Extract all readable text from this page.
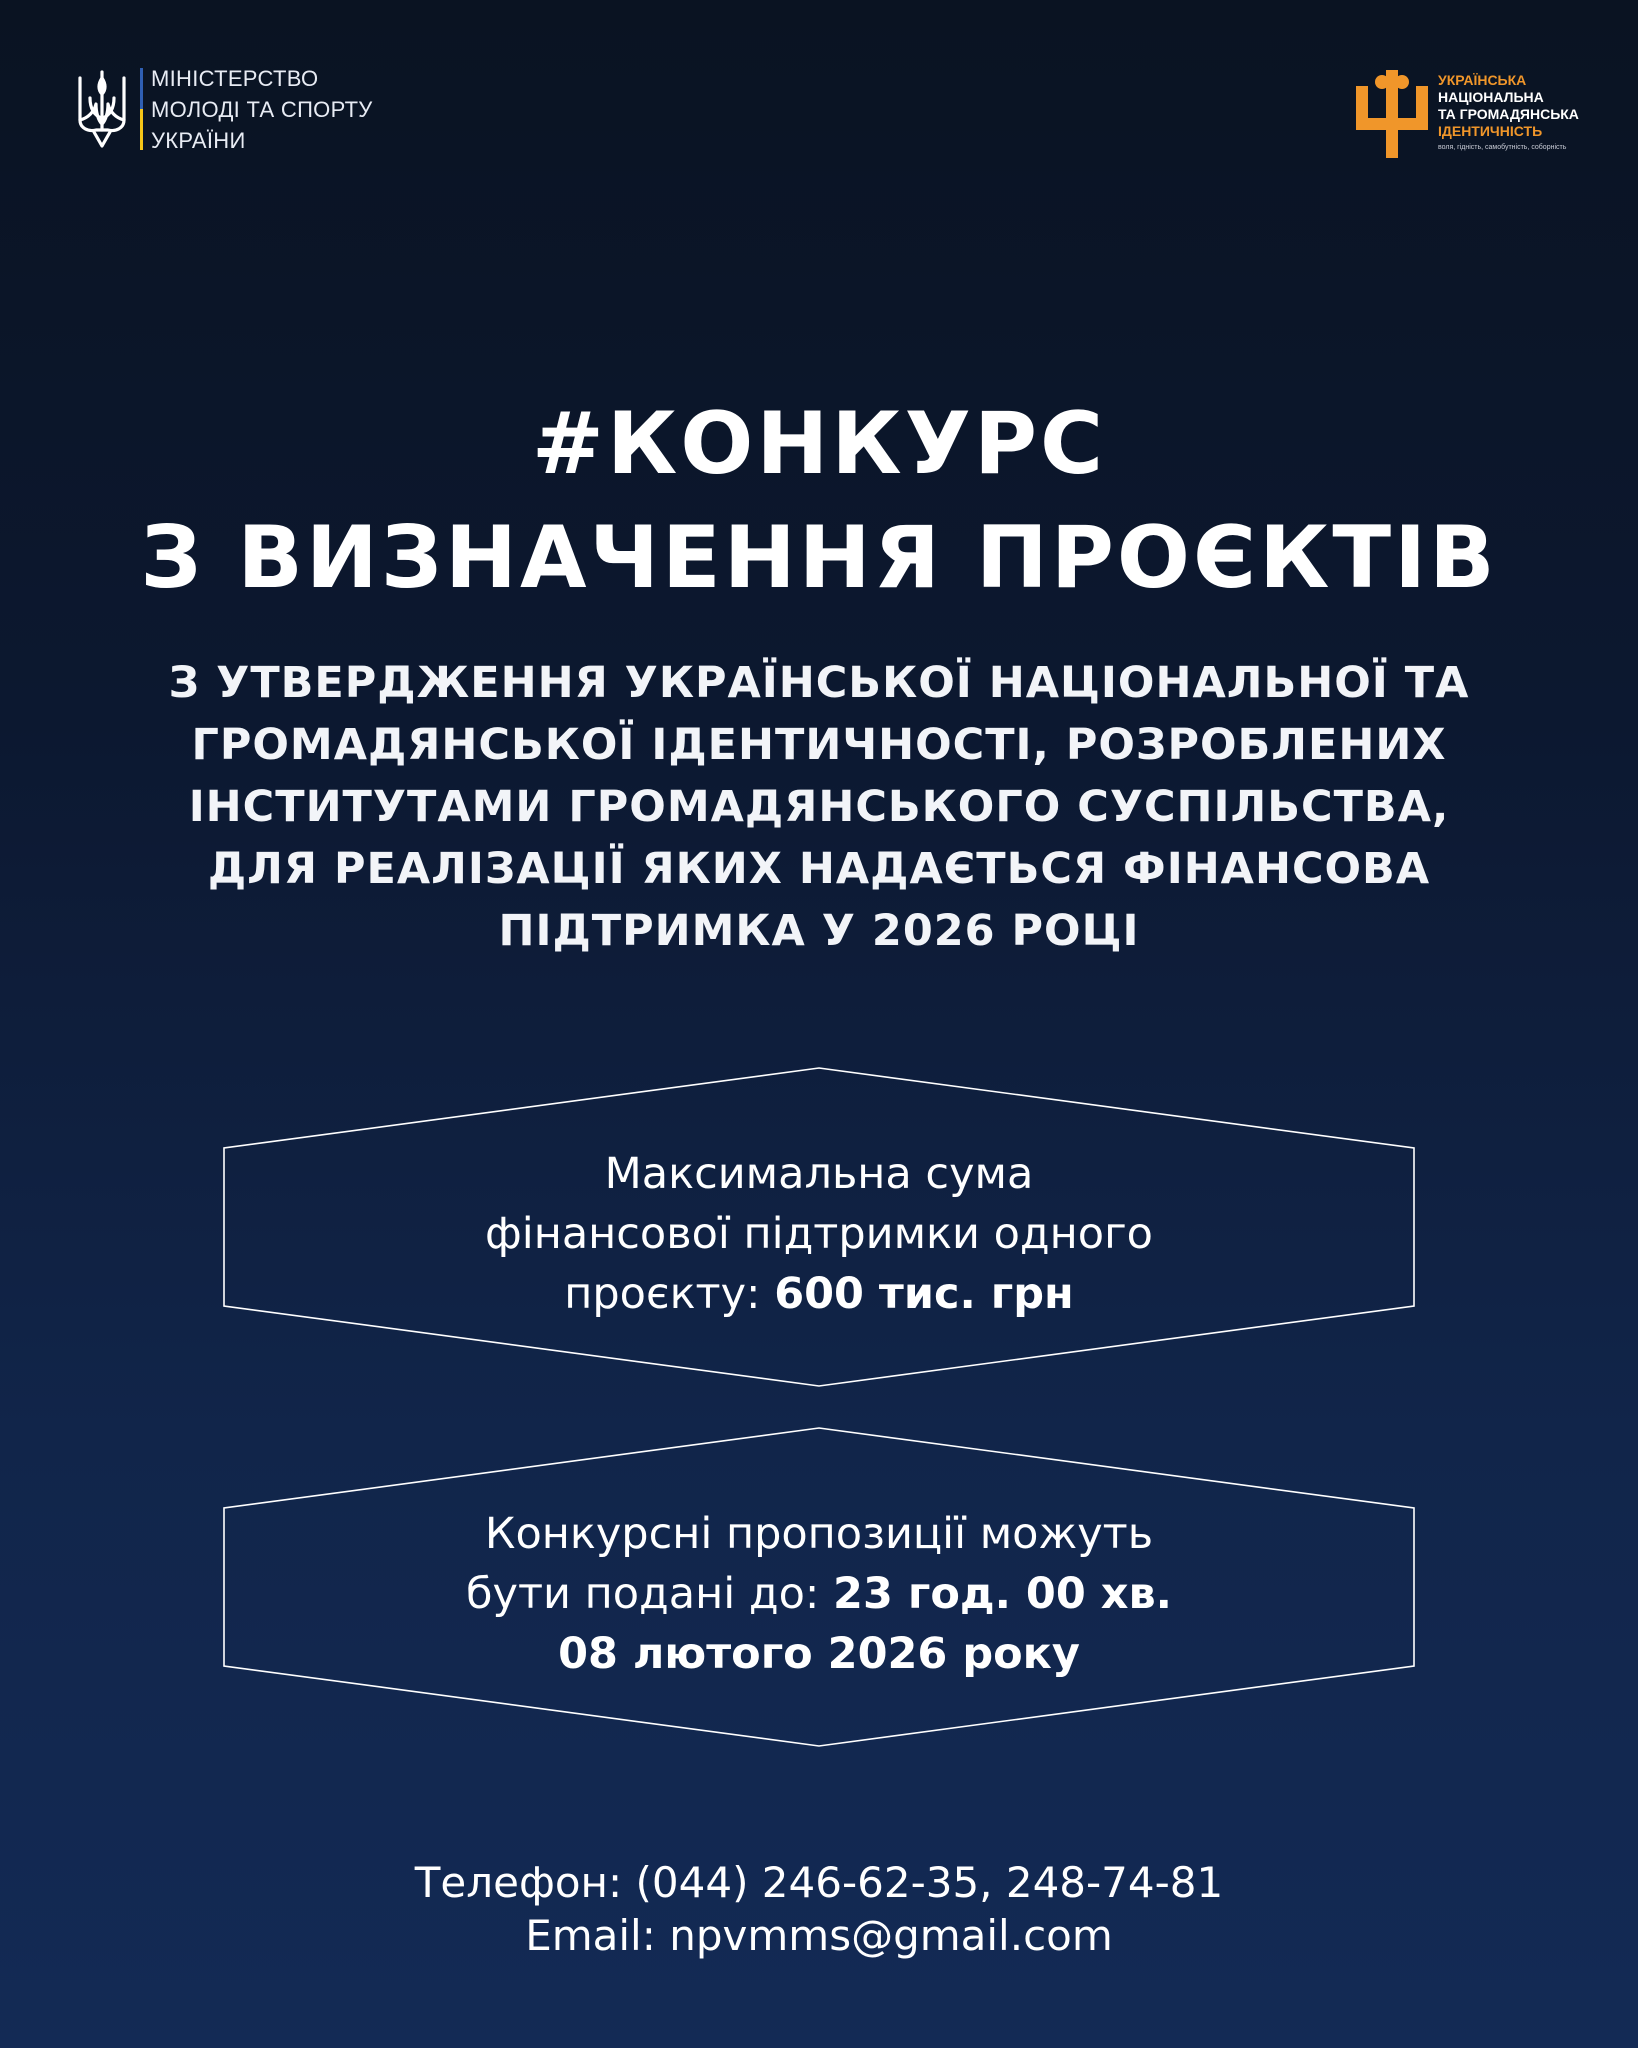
МІНІСТЕРСТВО
МОЛОДІ ТА СПОРТУ
УКРАЇНИ
УКРАЇНСЬКА
НАЦІОНАЛЬНА
ТА ГРОМАДЯНСЬКА
ІДЕНТИЧНІСТЬ
воля, гідність, самобутність, соборність
#КОНКУРС
З ВИЗНАЧЕННЯ ПРОЄКТІВ
З УТВЕРДЖЕННЯ УКРАЇНСЬКОЇ НАЦІОНАЛЬНОЇ ТА
ГРОМАДЯНСЬКОЇ ІДЕНТИЧНОСТІ, РОЗРОБЛЕНИХ
ІНСТИТУТАМИ ГРОМАДЯНСЬКОГО СУСПІЛЬСТВА,
ДЛЯ РЕАЛІЗАЦІЇ ЯКИХ НАДАЄТЬСЯ ФІНАНСОВА
ПІДТРИМКА У 2026 РОЦІ
Максимальна сума
фінансової підтримки одного
проєкту: 600 тис. грн
Конкурсні пропозиції можуть
бути подані до: 23 год. 00 хв.
08 лютого 2026 року
Телефон: (044) 246-62-35, 248-74-81
Email: npvmms@gmail.com
